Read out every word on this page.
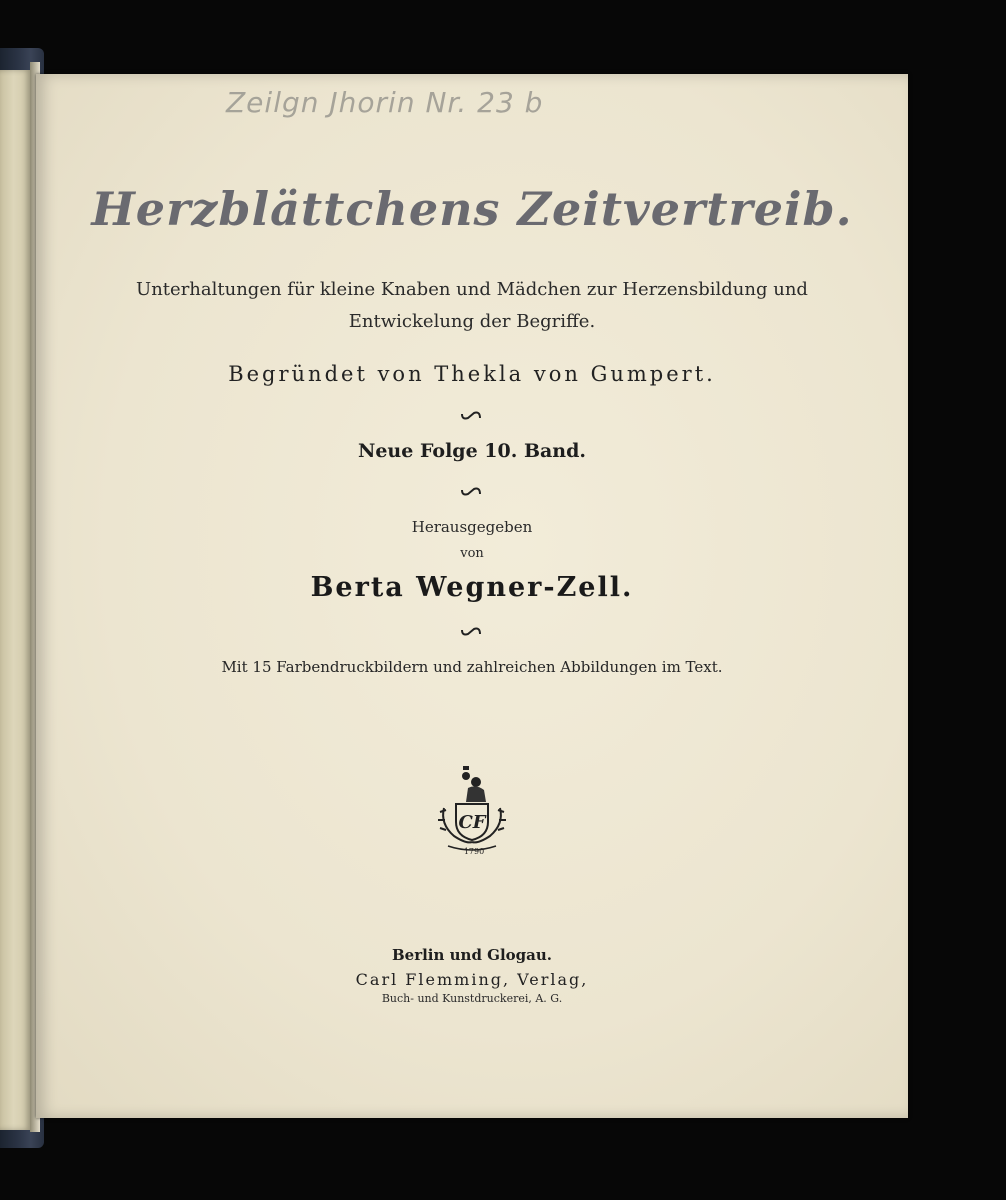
Zeilgn Jhorin Nr. 23 b
Herzblättchens Zeitvertreib.
Unterhaltungen für kleine Knaben und Mädchen zur Herzensbildung und
Entwickelung der Begriffe.
Begründet von Thekla von Gumpert.
Neue Folge 10. Band.
Herausgegeben
von
Berta Wegner-Zell.
Mit 15 Farbendruckbildern und zahlreichen Abbildungen im Text.
CF
1790
Berlin und Glogau.
Carl Flemming, Verlag,
Buch- und Kunstdruckerei, A. G.
